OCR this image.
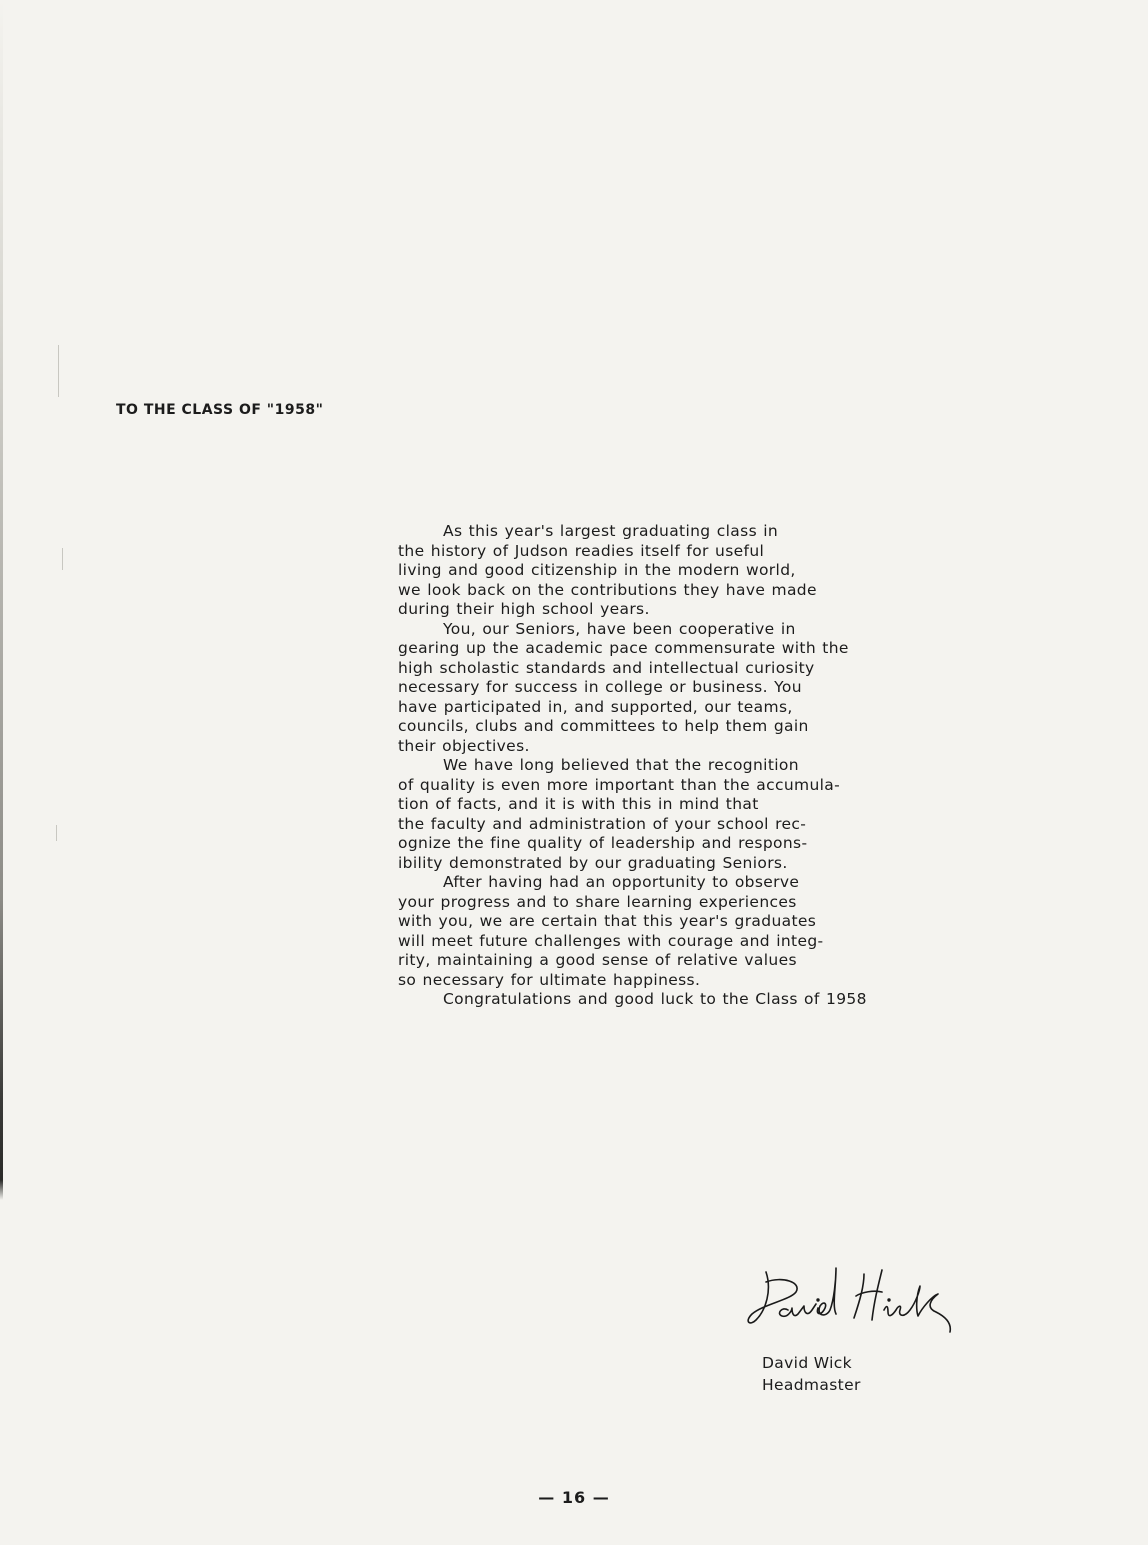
TO THE CLASS OF "1958"
As this year's largest graduating class in
the history of Judson readies itself for useful
living and good citizenship in the modern world,
we look back on the contributions they have made
during their high school years.
You, our Seniors, have been cooperative in
gearing up the academic pace commensurate with the
high scholastic standards and intellectual curiosity
necessary for success in college or business. You
have participated in, and supported, our teams,
councils, clubs and committees to help them gain
their objectives.
We have long believed that the recognition
of quality is even more important than the accumula-
tion of facts, and it is with this in mind that
the faculty and administration of your school rec-
ognize the fine quality of leadership and respons-
ibility demonstrated by our graduating Seniors.
After having had an opportunity to observe
your progress and to share learning experiences
with you, we are certain that this year's graduates
will meet future challenges with courage and integ-
rity, maintaining a good sense of relative values
so necessary for ultimate happiness.
Congratulations and good luck to the Class of 1958
David Wick
Headmaster
— 16 —
